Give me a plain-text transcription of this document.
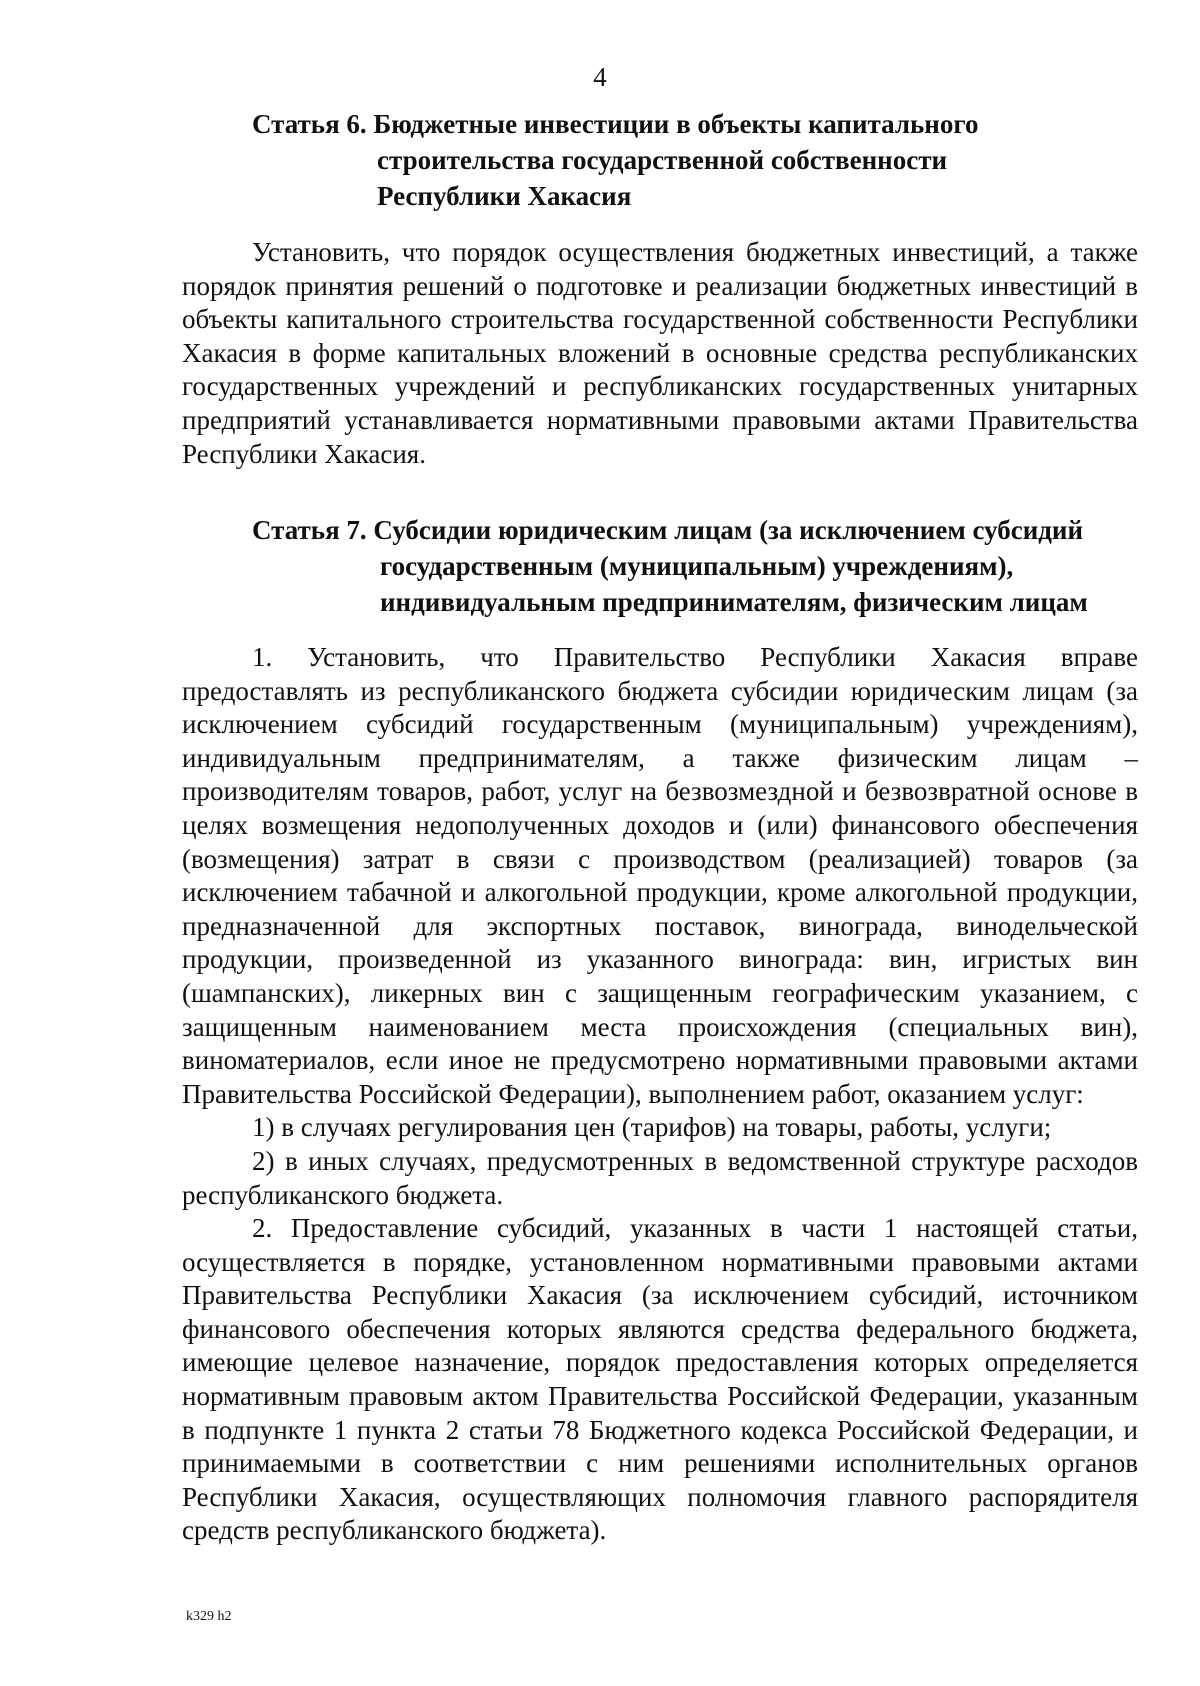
4

Статья 6. Бюджетные инвестиции в объекты капитального
строительства государственной собственности
Республики Хакасия

Установить, что порядок осуществления бюджетных инвестиций, а также порядок принятия решений о подготовке и реализации бюджетных инвестиций в объекты капитального строительства государственной собственности Республики Хакасия в форме капитальных вложений в основные средства республиканских государственных учреждений и республиканских государственных унитарных предприятий устанавливается нормативными правовыми актами Правительства Республики Хакасия.

Статья 7. Субсидии юридическим лицам (за исключением субсидий
государственным (муниципальным) учреждениям),
индивидуальным предпринимателям, физическим лицам

1. Установить, что Правительство Республики Хакасия вправе предоставлять из республиканского бюджета субсидии юридическим лицам (за исключением субсидий государственным (муниципальным) учреждениям), индивидуальным предпринимателям, а также физическим лицам – производителям товаров, работ, услуг на безвозмездной и безвозвратной основе в целях возмещения недополученных доходов и (или) финансового обеспечения (возмещения) затрат в связи с производством (реализацией) товаров (за исключением табачной и алкогольной продукции, кроме алкогольной продукции, предназначенной для экспортных поставок, винограда, винодельческой продукции, произведенной из указанного винограда: вин, игристых вин (шампанских), ликерных вин с защищенным географическим указанием, с защищенным наименованием места происхождения (специальных вин), виноматериалов, если иное не предусмотрено нормативными правовыми актами Правительства Российской Федерации), выполнением работ, оказанием услуг:

1) в случаях регулирования цен (тарифов) на товары, работы, услуги;

2) в иных случаях, предусмотренных в ведомственной структуре расходов республиканского бюджета.

2. Предоставление субсидий, указанных в части 1 настоящей статьи, осуществляется в порядке, установленном нормативными правовыми актами Правительства Республики Хакасия (за исключением субсидий, источником финансового обеспечения которых являются средства федерального бюджета, имеющие целевое назначение, порядок предоставления которых определяется нормативным правовым актом Правительства Российской Федерации, указанным в подпункте 1 пункта 2 статьи 78 Бюджетного кодекса Российской Федерации, и принимаемыми в соответствии с ним решениями исполнительных органов Республики Хакасия, осуществляющих полномочия главного распорядителя средств республиканского бюджета).

k329 h2
